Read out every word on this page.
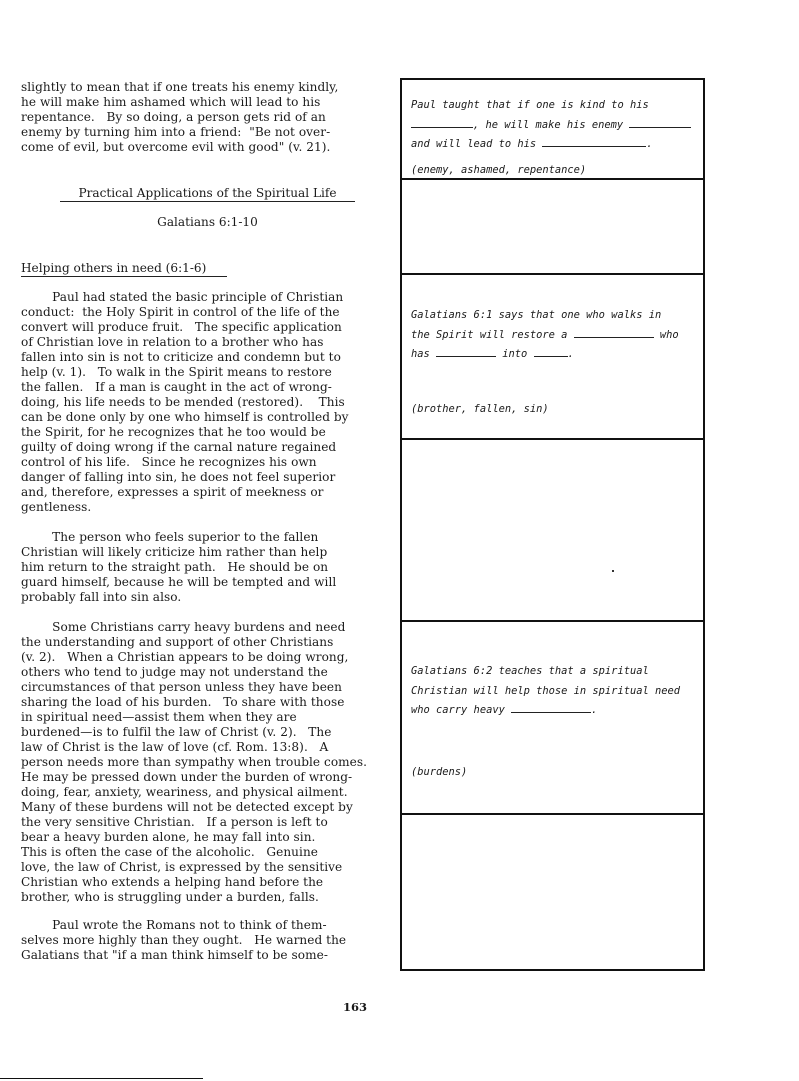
slightly to mean that if one treats his enemy kindly,
he will make him ashamed which will lead to his
repentance.   By so doing, a person gets rid of an
enemy by turning him into a friend:  "Be not over-
come of evil, but overcome evil with good" (v. 21).
Practical Applications of the Spiritual Life
Galatians 6:1-10
Helping others in need (6:1-6)
Paul had stated the basic principle of Christian
conduct:  the Holy Spirit in control of the life of the
convert will produce fruit.   The specific application
of Christian love in relation to a brother who has
fallen into sin is not to criticize and condemn but to
help (v. 1).   To walk in the Spirit means to restore
the fallen.   If a man is caught in the act of wrong-
doing, his life needs to be mended (restored).    This
can be done only by one who himself is controlled by
the Spirit, for he recognizes that he too would be
guilty of doing wrong if the carnal nature regained
control of his life.   Since he recognizes his own
danger of falling into sin, he does not feel superior
and, therefore, expresses a spirit of meekness or
gentleness.
The person who feels superior to the fallen
Christian will likely criticize him rather than help
him return to the straight path.   He should be on
guard himself, because he will be tempted and will
probably fall into sin also.
Some Christians carry heavy burdens and need
the understanding and support of other Christians
(v. 2).   When a Christian appears to be doing wrong,
others who tend to judge may not understand the
circumstances of that person unless they have been
sharing the load of his burden.   To share with those
in spiritual need—assist them when they are
burdened—is to fulfil the law of Christ (v. 2).   The
law of Christ is the law of love (cf. Rom. 13:8).   A
person needs more than sympathy when trouble comes.
He may be pressed down under the burden of wrong-
doing, fear, anxiety, weariness, and physical ailment.
Many of these burdens will not be detected except by
the very sensitive Christian.   If a person is left to
bear a heavy burden alone, he may fall into sin.
This is often the case of the alcoholic.   Genuine
love, the law of Christ, is expressed by the sensitive
Christian who extends a helping hand before the
brother, who is struggling under a burden, falls.
Paul wrote the Romans not to think of them-
selves more highly than they ought.   He warned the
Galatians that "if a man think himself to be some-
Paul taught that if one is kind to his
, he will make his enemy
and will lead to his	.
(enemy, ashamed, repentance)
Galatians 6:1 says that one who walks in
the Spirit will restore a	who
has	into	.
(brother, fallen, sin)
Galatians 6:2 teaches that a spiritual
Christian will help those in spiritual need
who carry heavy	.
(burdens)
163
